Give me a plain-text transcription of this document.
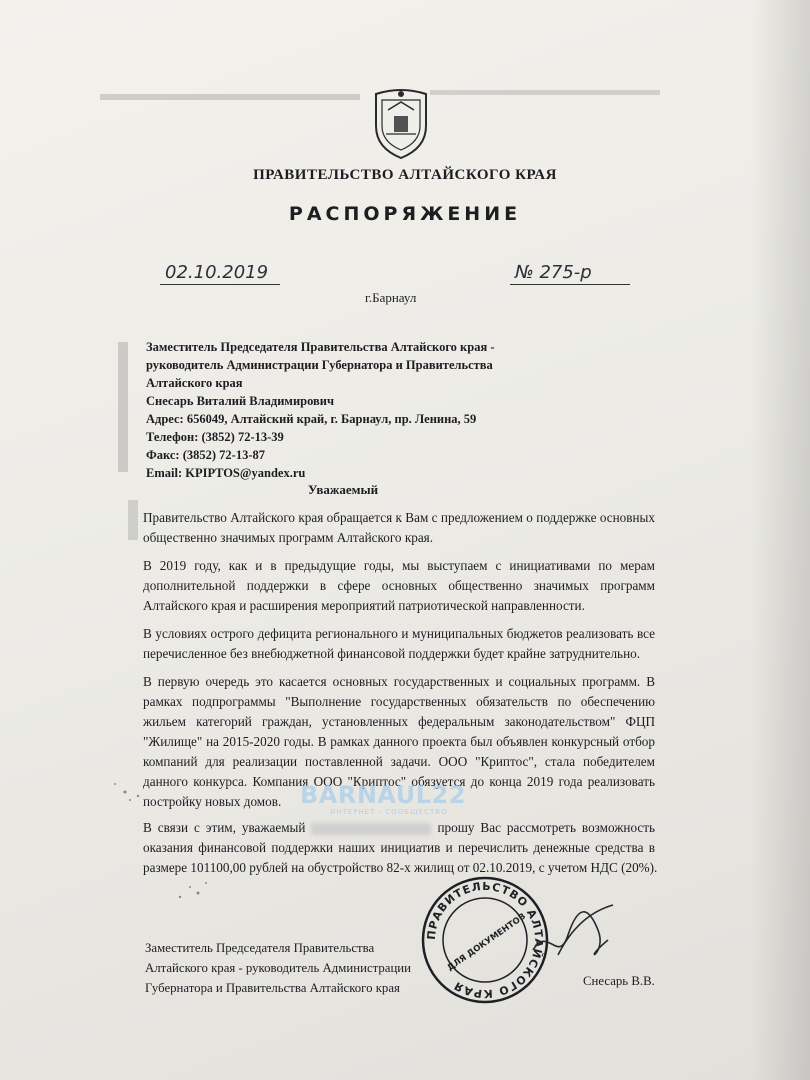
ПРАВИТЕЛЬСТВО АЛТАЙСКОГО КРАЯ
РАСПОРЯЖЕНИЕ
02.10.2019	№ 275-р
г.Барнаул
Заместитель Председателя Правительства Алтайского края -
руководитель Администрации Губернатора и Правительства
Алтайского края
Снесарь Виталий Владимирович
Адрес: 656049, Алтайский край, г. Барнаул, пр. Ленина, 59
Телефон: (3852) 72-13-39
Факс: (3852) 72-13-87
Email: KPIPTOS@yandex.ru
Уважаемый
Правительство Алтайского края обращается к Вам с предложением о поддержке основных
общественно значимых программ Алтайского края.
В 2019 году, как и в предыдущие годы, мы выступаем с инициативами по мерам
дополнительной поддержки в сфере основных общественно значимых программ
Алтайского края и расширения мероприятий патриотической направленности.
В условиях острого дефицита регионального и муниципальных бюджетов реализовать все
перечисленное без внебюджетной финансовой поддержки будет крайне затруднительно.
В первую очередь это касается основных государственных и социальных программ. В
рамках подпрограммы "Выполнение государственных обязательств по обеспечению
жильем категорий граждан, установленных федеральным законодательством" ФЦП
"Жилище" на 2015-2020 годы. В рамках данного проекта был объявлен конкурсный отбор
компаний для реализации поставленной задачи. ООО "Криптос", стала победителем
данного конкурса. Компания ООО "Криптос" обязуется до конца 2019 года реализовать
постройку новых домов. BARNAUL22
ИНТЕРНЕТ - СООБЩЕСТВО
В связи с этим, уважаемый	прошу Вас рассмотреть возможность
оказания финансовой поддержки наших инициатив и перечислить денежные средства в
размере 101100,00 рублей на обустройство 82-х жилищ от 02.10.2019, с учетом НДС (20%).
ПРАВИТЕЛЬСТВО АЛТАЙСКОГО КРАЯ
ДЛЯ ДОКУМЕНТОВ
Заместитель Председателя Правительства
Алтайского края - руководитель Администрации
Губернатора и Правительства Алтайского края	Снесарь В.В.
